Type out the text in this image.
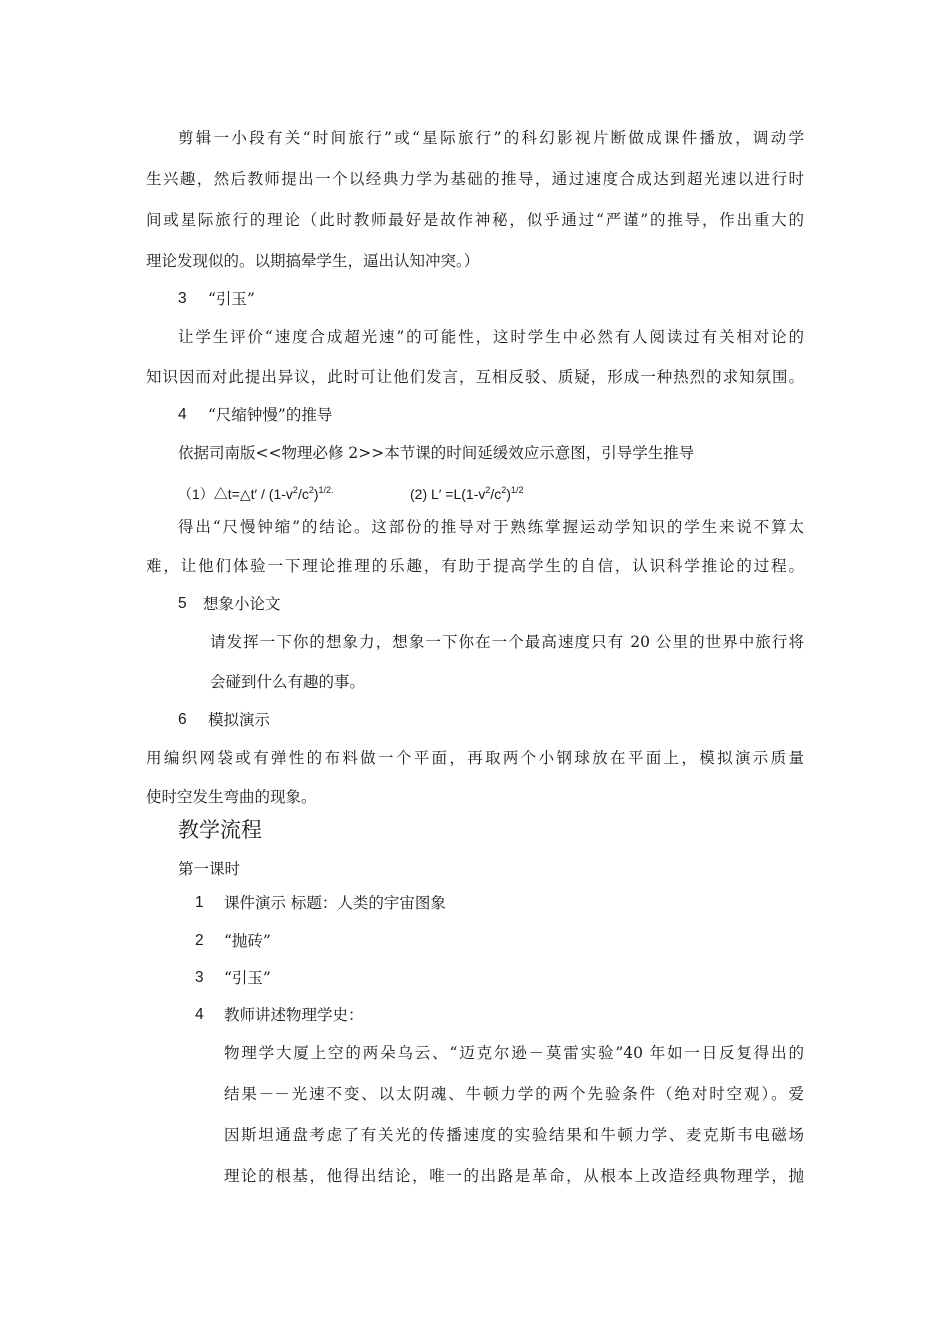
剪辑一小段有关“时间旅行”或“星际旅行”的科幻影视片断做成课件播放，调动学
生兴趣，然后教师提出一个以经典力学为基础的推导，通过速度合成达到超光速以进行时
间或星际旅行的理论（此时教师最好是故作神秘，似乎通过“严谨”的推导，作出重大的
理论发现似的。以期搞晕学生，逼出认知冲突。）
3 “引玉”
让学生评价“速度合成超光速”的可能性，这时学生中必然有人阅读过有关相对论的
知识因而对此提出异议，此时可让他们发言，互相反驳、质疑，形成一种热烈的求知氛围。
4 “尺缩钟慢”的推导
依据司南版<<物理必修 2>>本节课的时间延缓效应示意图，引导学生推导
（1）△t=△t′ / $(1-v^2/c^2)^{1/2.}$	(2) $L' =L(1-v^2/c^2)^{1/2}$
得出“尺慢钟缩”的结论。这部份的推导对于熟练掌握运动学知识的学生来说不算太
难，让他们体验一下理论推理的乐趣，有助于提高学生的自信，认识科学推论的过程。
5 想象小论文
请发挥一下你的想象力，想象一下你在一个最高速度只有 20 公里的世界中旅行将
会碰到什么有趣的事。
6 模拟演示
用编织网袋或有弹性的布料做一个平面，再取两个小钢球放在平面上，模拟演示质量
使时空发生弯曲的现象。
教学流程
第一课时
1 课件演示 标题：人类的宇宙图象
2 “抛砖”
3 “引玉”
4 教师讲述物理学史：
物理学大厦上空的两朵乌云、“迈克尔逊－莫雷实验”40 年如一日反复得出的
结果－－光速不变、以太阴魂、牛顿力学的两个先验条件（绝对时空观）。爱
因斯坦通盘考虑了有关光的传播速度的实验结果和牛顿力学、麦克斯韦电磁场
理论的根基，他得出结论，唯一的出路是革命，从根本上改造经典物理学，抛
